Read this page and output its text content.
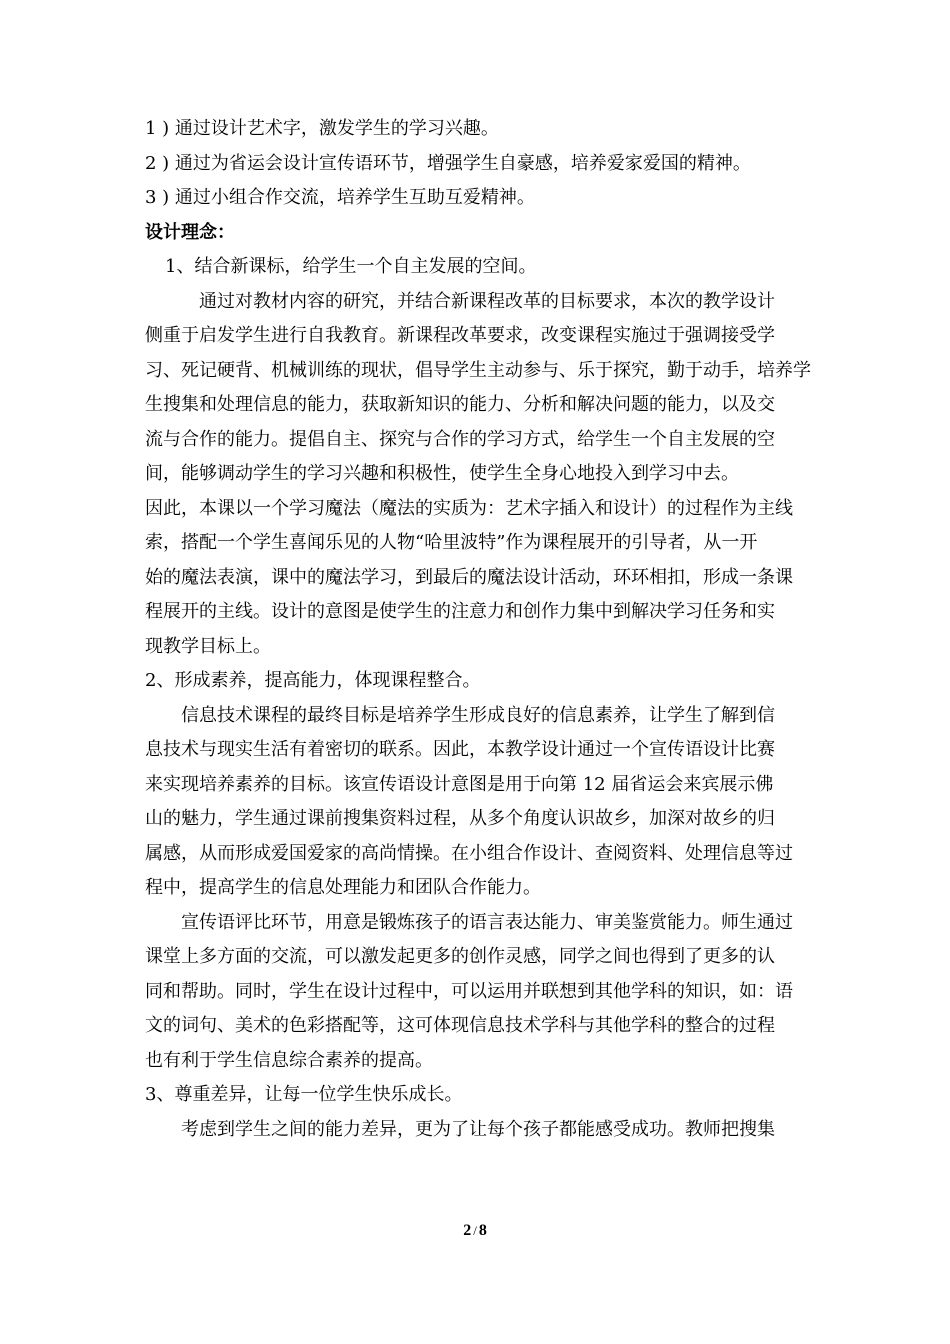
1 ) 通过设计艺术字，激发学生的学习兴趣。
2 ) 通过为省运会设计宣传语环节，增强学生自豪感，培养爱家爱国的精神。
3 ) 通过小组合作交流，培养学生互助互爱精神。
设计理念：
1、结合新课标，给学生一个自主发展的空间。
通过对教材内容的研究，并结合新课程改革的目标要求，本次的教学设计
侧重于启发学生进行自我教育。新课程改革要求，改变课程实施过于强调接受学
习、死记硬背、机械训练的现状，倡导学生主动参与、乐于探究，勤于动手，培养学
生搜集和处理信息的能力，获取新知识的能力、分析和解决问题的能力，以及交
流与合作的能力。提倡自主、探究与合作的学习方式，给学生一个自主发展的空
间，能够调动学生的学习兴趣和积极性，使学生全身心地投入到学习中去。
因此，本课以一个学习魔法（魔法的实质为：艺术字插入和设计）的过程作为主线
索，搭配一个学生喜闻乐见的人物“哈里波特”作为课程展开的引导者，从一开
始的魔法表演，课中的魔法学习，到最后的魔法设计活动，环环相扣，形成一条课
程展开的主线。设计的意图是使学生的注意力和创作力集中到解决学习任务和实
现教学目标上。
2、形成素养，提高能力，体现课程整合。
信息技术课程的最终目标是培养学生形成良好的信息素养，让学生了解到信
息技术与现实生活有着密切的联系。因此，本教学设计通过一个宣传语设计比赛
来实现培养素养的目标。该宣传语设计意图是用于向第 12 届省运会来宾展示佛
山的魅力，学生通过课前搜集资料过程，从多个角度认识故乡，加深对故乡的归
属感，从而形成爱国爱家的高尚情操。在小组合作设计、查阅资料、处理信息等过
程中，提高学生的信息处理能力和团队合作能力。
宣传语评比环节，用意是锻炼孩子的语言表达能力、审美鉴赏能力。师生通过
课堂上多方面的交流，可以激发起更多的创作灵感，同学之间也得到了更多的认
同和帮助。同时，学生在设计过程中，可以运用并联想到其他学科的知识，如：语
文的词句、美术的色彩搭配等，这可体现信息技术学科与其他学科的整合的过程
也有利于学生信息综合素养的提高。
3、尊重差异，让每一位学生快乐成长。
考虑到学生之间的能力差异，更为了让每个孩子都能感受成功。教师把搜集
2 / 8
